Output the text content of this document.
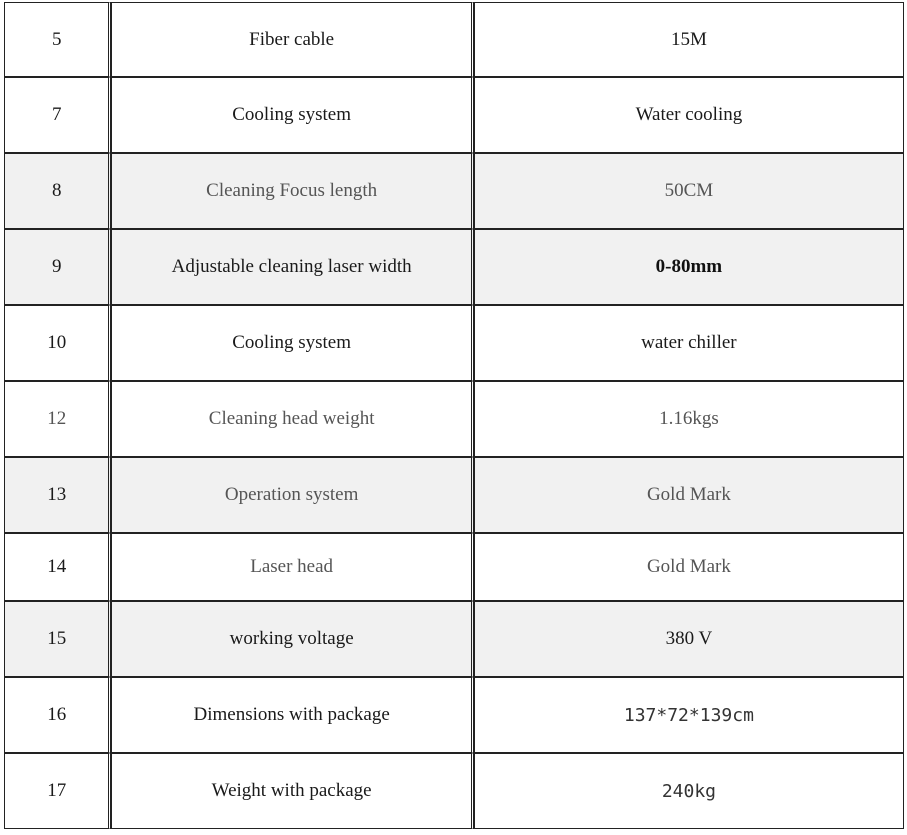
5	Fiber cable	15M
7	Cooling system	Water cooling
8	Cleaning Focus length	50CM
9	Adjustable cleaning laser width	0-80mm
10	Cooling system	water chiller
12	Cleaning head weight	1.16kgs
13	Operation system	Gold Mark
14	Laser head	Gold Mark
15	working voltage	380 V
16	Dimensions with package	137*72*139cm
17	Weight with package	240kg
